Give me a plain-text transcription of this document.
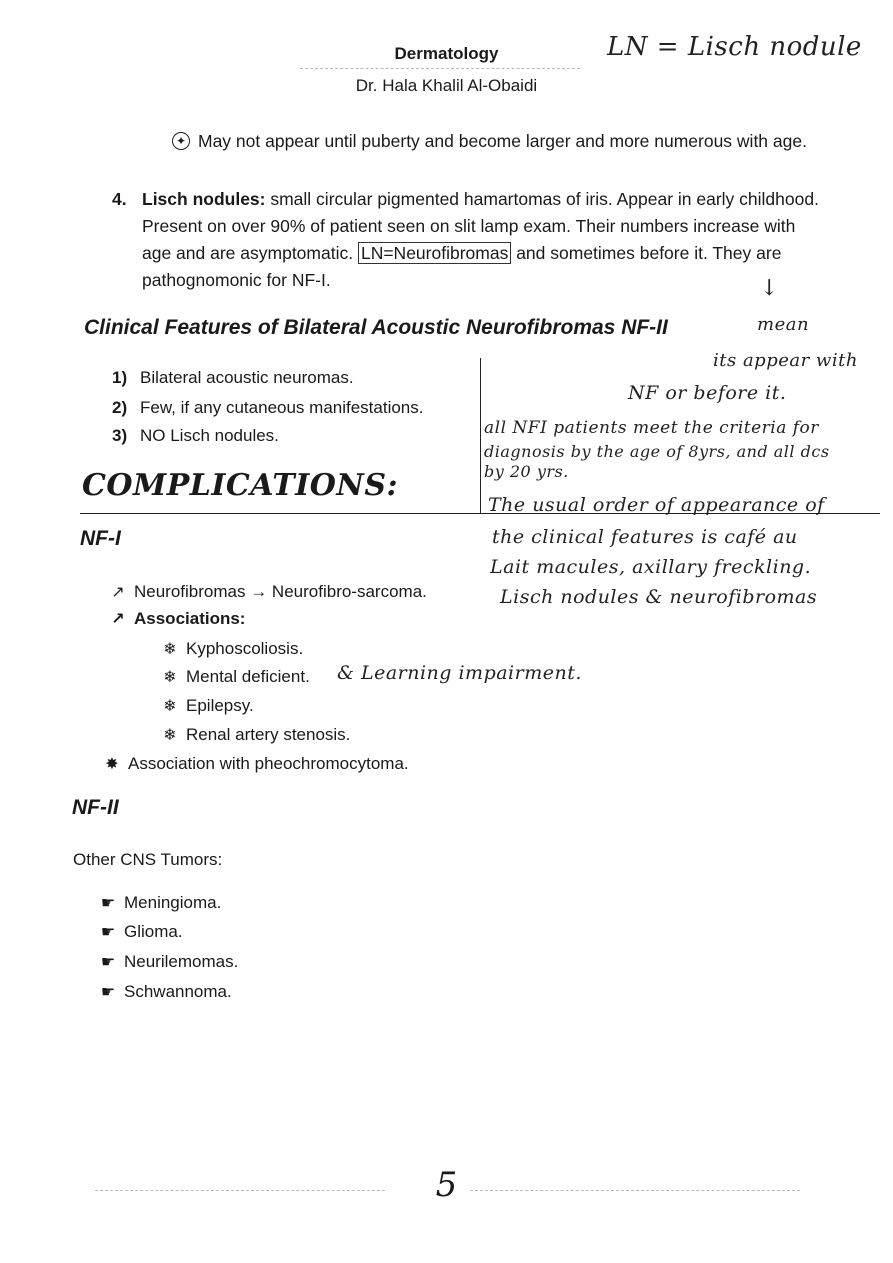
Dermatology
Dr. Hala Khalil Al-Obaidi
LN = Lisch nodule
✦ May not appear until puberty and become larger and more numerous with age.
4. Lisch nodules: small circular pigmented hamartomas of iris. Appear in early childhood. Present on over 90% of patient seen on slit lamp exam. Their numbers increase with age and are asymptomatic. LN=Neurofibromas and sometimes before it. They are pathognomonic for NF-I.	↓
Clinical Features of Bilateral Acoustic Neurofibromas NF-II	mean
1) Bilateral acoustic neuromas.
2) Few, if any cutaneous manifestations.
3) NO Lisch nodules.
its appear with
NF or before it.
all NFI patients meet the criteria for
diagnosis by the age of 8yrs, and all dcs
by 20 yrs.
The usual order of appearance of
the clinical features is café au
Lait macules, axillary freckling.
Lisch nodules & neurofibromas
COMPLICATIONS:
NF-I
↗ Neurofibromas → Neurofibro-sarcoma.
↗ Associations:
❄ Kyphoscoliosis.
❄ Mental deficient. & Learning impairment.
❄ Epilepsy.
❄ Renal artery stenosis.
✸ Association with pheochromocytoma.
NF-II
Other CNS Tumors:
☛ Meningioma.
☛ Glioma.
☛ Neurilemomas.
☛ Schwannoma.
5
